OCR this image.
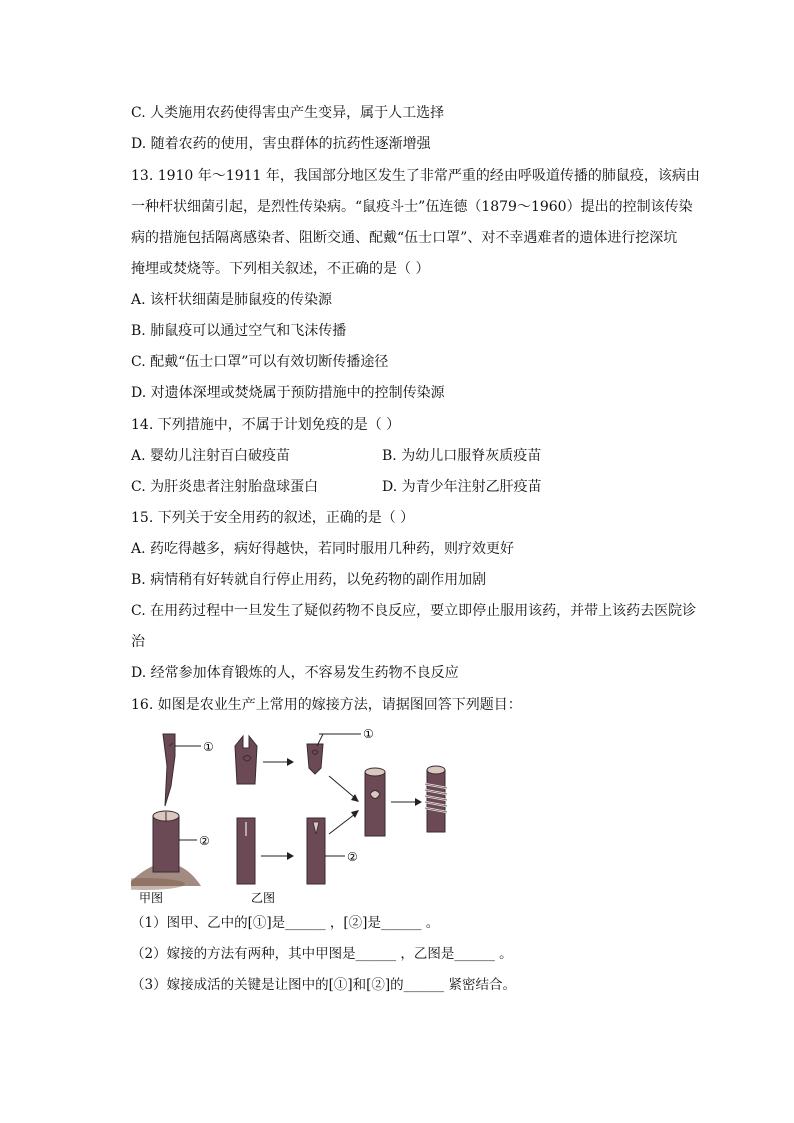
C. 人类施用农药使得害虫产生变异，属于人工选择
D. 随着农药的使用，害虫群体的抗药性逐渐增强
13. 1910 年～1911 年，我国部分地区发生了非常严重的经由呼吸道传播的肺鼠疫，该病由
一种杆状细菌引起，是烈性传染病。“鼠疫斗士”伍连德（1879～1960）提出的控制该传染
病的措施包括隔离感染者、阻断交通、配戴“伍士口罩”、对不幸遇难者的遗体进行挖深坑
掩埋或焚烧等。下列相关叙述，不正确的是（ ）
A. 该杆状细菌是肺鼠疫的传染源
B. 肺鼠疫可以通过空气和飞沫传播
C. 配戴“伍士口罩”可以有效切断传播途径
D. 对遗体深埋或焚烧属于预防措施中的控制传染源
14. 下列措施中，不属于计划免疫的是（ ）
A. 婴幼儿注射百白破疫苗	B. 为幼儿口服脊灰质疫苗
C. 为肝炎患者注射胎盘球蛋白	D. 为青少年注射乙肝疫苗
15. 下列关于安全用药的叙述，正确的是（ ）
A. 药吃得越多，病好得越快，若同时服用几种药，则疗效更好
B. 病情稍有好转就自行停止用药，以免药物的副作用加剧
C. 在用药过程中一旦发生了疑似药物不良反应，要立即停止服用该药，并带上该药去医院诊
治
D. 经常参加体育锻炼的人，不容易发生药物不良反应
16. 如图是农业生产上常用的嫁接方法，请据图回答下列题目：
①
②
①
②
甲图	乙图
（1）图甲、乙中的[①]是______ ，[②]是______ 。
（2）嫁接的方法有两种，其中甲图是______ ，乙图是______ 。
（3）嫁接成活的关键是让图中的[①]和[②]的______ 紧密结合。
